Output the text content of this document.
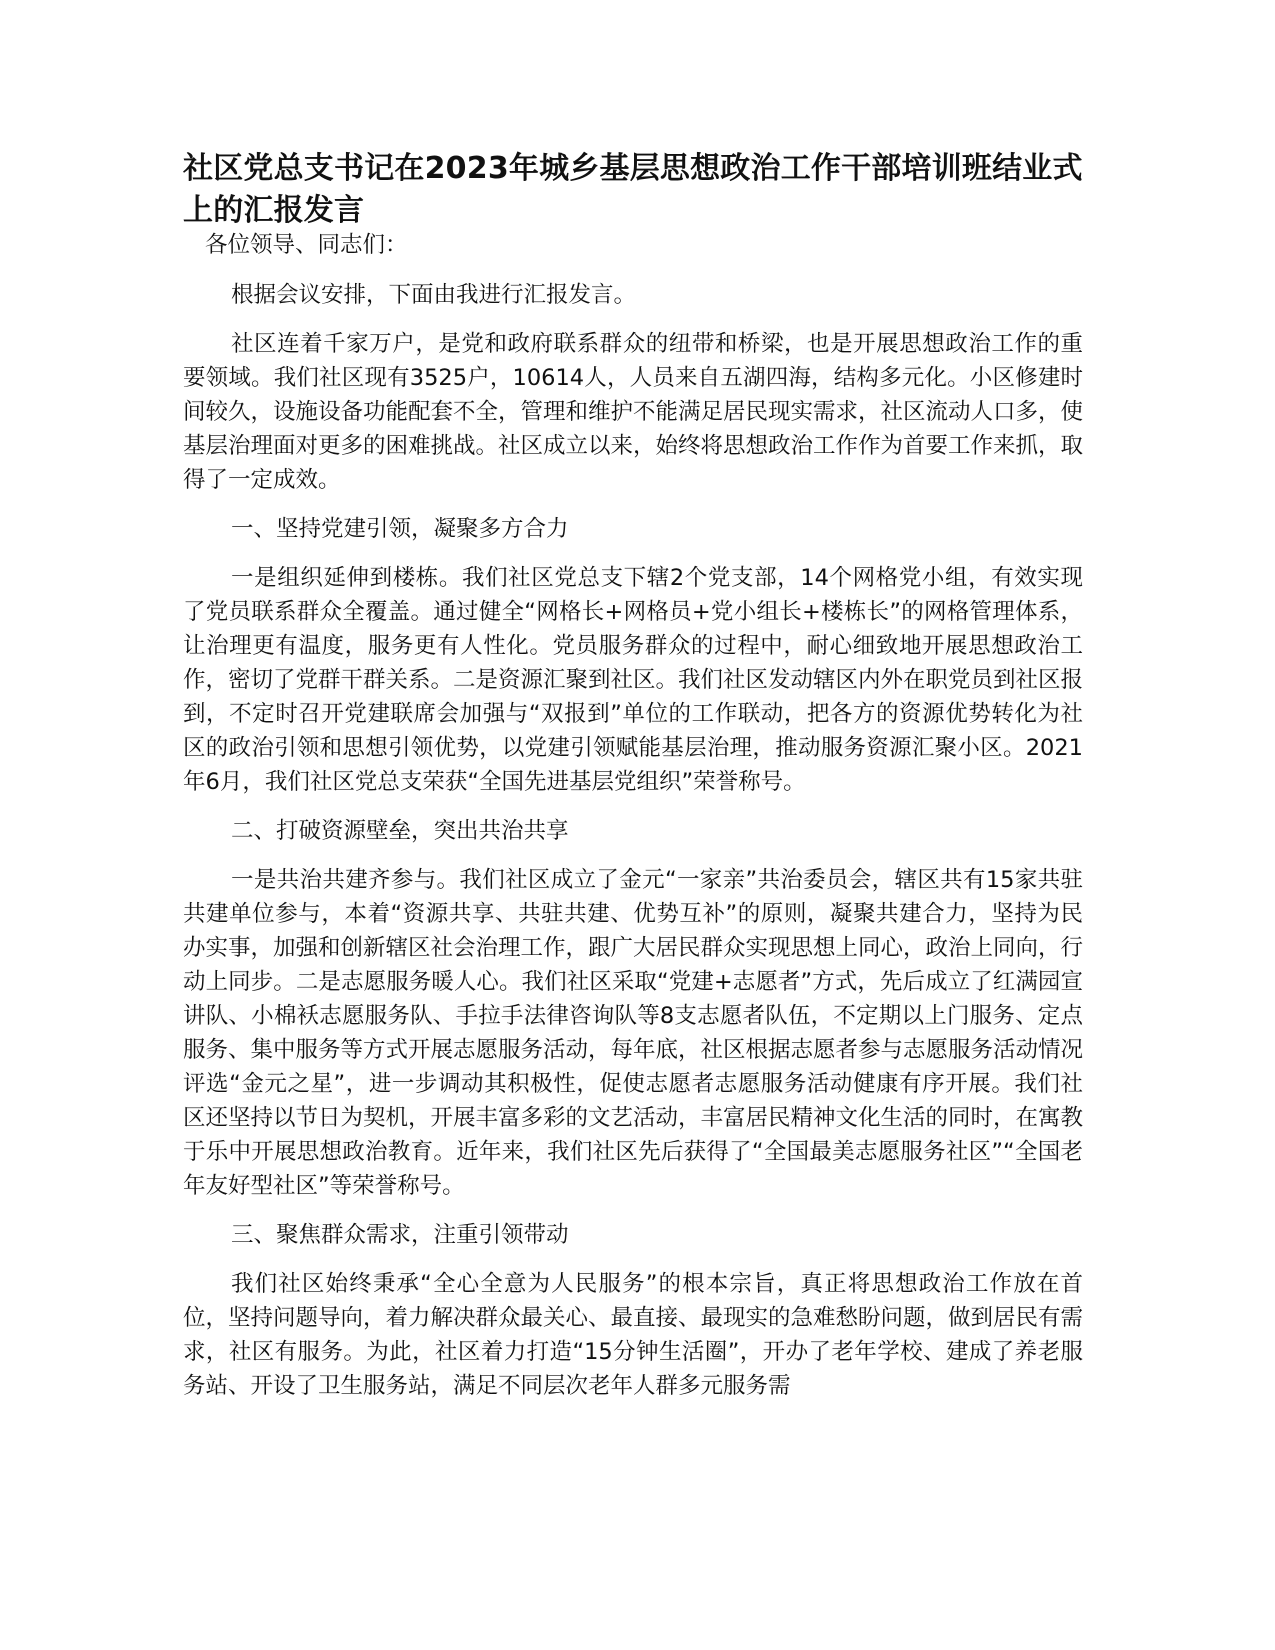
社区党总支书记在2023年城乡基层思想政治工作干部培训班结业式上的汇报发言

各位领导、同志们：

根据会议安排，下面由我进行汇报发言。

社区连着千家万户，是党和政府联系群众的纽带和桥梁，也是开展思想政治工作的重要领域。我们社区现有3525户，10614人，人员来自五湖四海，结构多元化。小区修建时间较久，设施设备功能配套不全，管理和维护不能满足居民现实需求，社区流动人口多，使基层治理面对更多的困难挑战。社区成立以来，始终将思想政治工作作为首要工作来抓，取得了一定成效。

一、坚持党建引领，凝聚多方合力

一是组织延伸到楼栋。我们社区党总支下辖2个党支部，14个网格党小组，有效实现了党员联系群众全覆盖。通过健全“网格长+网格员+党小组长+楼栋长”的网格管理体系，让治理更有温度，服务更有人性化。党员服务群众的过程中，耐心细致地开展思想政治工作，密切了党群干群关系。二是资源汇聚到社区。我们社区发动辖区内外在职党员到社区报到，不定时召开党建联席会加强与“双报到”单位的工作联动，把各方的资源优势转化为社区的政治引领和思想引领优势，以党建引领赋能基层治理，推动服务资源汇聚小区。2021年6月，我们社区党总支荣获“全国先进基层党组织”荣誉称号。

二、打破资源壁垒，突出共治共享

一是共治共建齐参与。我们社区成立了金元“一家亲”共治委员会，辖区共有15家共驻共建单位参与，本着“资源共享、共驻共建、优势互补”的原则，凝聚共建合力，坚持为民办实事，加强和创新辖区社会治理工作，跟广大居民群众实现思想上同心，政治上同向，行动上同步。二是志愿服务暖人心。我们社区采取“党建+志愿者”方式，先后成立了红满园宣讲队、小棉袄志愿服务队、手拉手法律咨询队等8支志愿者队伍，不定期以上门服务、定点服务、集中服务等方式开展志愿服务活动，每年底，社区根据志愿者参与志愿服务活动情况评选“金元之星”，进一步调动其积极性，促使志愿者志愿服务活动健康有序开展。我们社区还坚持以节日为契机，开展丰富多彩的文艺活动，丰富居民精神文化生活的同时，在寓教于乐中开展思想政治教育。近年来，我们社区先后获得了“全国最美志愿服务社区”“全国老年友好型社区”等荣誉称号。

三、聚焦群众需求，注重引领带动

我们社区始终秉承“全心全意为人民服务”的根本宗旨，真正将思想政治工作放在首位，坚持问题导向，着力解决群众最关心、最直接、最现实的急难愁盼问题，做到居民有需求，社区有服务。为此，社区着力打造“15分钟生活圈”，开办了老年学校、建成了养老服务站、开设了卫生服务站，满足不同层次老年人群多元服务需
